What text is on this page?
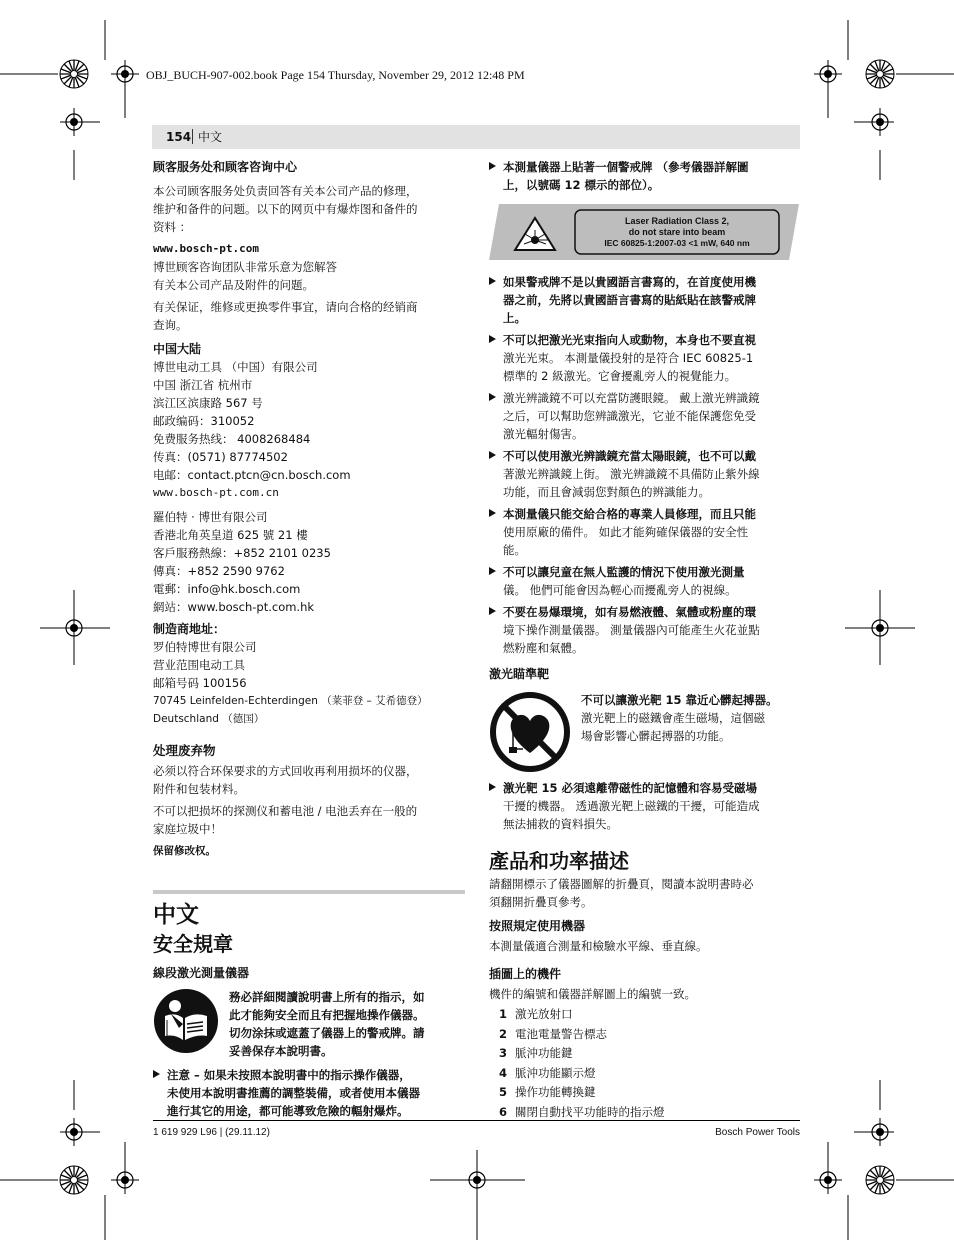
OBJ_BUCH-907-002.book Page 154 Thursday, November 29, 2012 12:48 PM
154 中文
顾客服务处和顾客咨询中心
本公司顾客服务处负责回答有关本公司产品的修理，
维护和备件的问题。以下的网页中有爆炸图和备件的
资料 ：
www.bosch-pt.com
博世顾客咨询团队非常乐意为您解答
有关本公司产品及附件的问题。
有关保证，维修或更换零件事宜，请向合格的经销商
查询。
中国大陆
博世电动工具 （中国）有限公司
中国 浙江省 杭州市
滨江区滨康路 567 号
邮政编码：310052
免费服务热线： 4008268484
传真：(0571) 87774502
电邮：contact.ptcn@cn.bosch.com
www.bosch-pt.com.cn
羅伯特 · 博世有限公司
香港北角英皇道 625 號 21 樓
客戶服務熱線：+852 2101 0235
傳真：+852 2590 9762
電郵：info@hk.bosch.com
網站：www.bosch-pt.com.hk
制造商地址：
罗伯特博世有限公司
营业范围电动工具
邮箱号码 100156
70745 Leinfelden-Echterdingen （莱菲登 – 艾希德登）
Deutschland （德国）
处理废弃物
必须以符合环保要求的方式回收再利用损坏的仪器，
附件和包装材料。
不可以把损坏的探测仪和蓄电池 / 电池丢弃在一般的
家庭垃圾中！
保留修改权。
中文
安全規章
線段激光測量儀器
務必詳細閱讀說明書上所有的指示，如
此才能夠安全而且有把握地操作儀器。
切勿涂抹或遮蓋了儀器上的警戒牌。請
妥善保存本說明書。
注意 – 如果未按照本說明書中的指示操作儀器，
未使用本說明書推薦的調整裝備，或者使用本儀器
進行其它的用途，都可能導致危險的輻射爆炸。
本測量儀器上貼著一個警戒牌 （參考儀器詳解圖
上，以號碼 12 標示的部位）。
Laser Radiation Class 2,
do not stare into beam
IEC 60825-1:2007-03 <1 mW, 640 nm
如果警戒牌不是以貴國語言書寫的，在首度使用機
器之前，先將以貴國語言書寫的貼紙貼在該警戒牌
上。
不可以把激光光束指向人或動物，本身也不要直視
激光光束。 本測量儀投射的是符合 IEC 60825-1
標準的 2 級激光。它會擾亂旁人的視覺能力。
激光辨識鏡不可以充當防護眼鏡。 戴上激光辨識鏡
之后，可以幫助您辨識激光，它並不能保護您免受
激光輻射傷害。
不可以使用激光辨識鏡充當太陽眼鏡，也不可以戴
著激光辨識鏡上街。 激光辨識鏡不具備防止紫外線
功能，而且會減弱您對顏色的辨識能力。
本測量儀只能交給合格的專業人員修理，而且只能
使用原廠的備件。 如此才能夠確保儀器的安全性
能。
不可以讓兒童在無人監護的情況下使用激光測量
儀。 他們可能會因為輕心而擾亂旁人的視線。
不要在易爆環境，如有易燃液體、氣體或粉塵的環
境下操作測量儀器。 測量儀器內可能產生火花並點
燃粉塵和氣體。
激光瞄準靶
不可以讓激光靶 15 靠近心髒起搏器。
激光靶上的磁鐵會產生磁場，這個磁
場會影響心髒起搏器的功能。
激光靶 15 必須遠離帶磁性的記憶體和容易受磁場
干擾的機器。 透過激光靶上磁鐵的干擾，可能造成
無法捕救的資料損失。
產品和功率描述
請翻開標示了儀器圖解的折疊頁，閱讀本說明書時必
須翻開折疊頁參考。
按照規定使用機器
本測量儀適合測量和檢驗水平線、垂直線。
插圖上的機件
機件的編號和儀器詳解圖上的編號一致。
1 激光放射口
2 電池電量警告標志
3 脈沖功能鍵
4 脈沖功能顯示燈
5 操作功能轉換鍵
6 關閉自動找平功能時的指示燈
1 619 929 L96 | (29.11.12)	Bosch Power Tools
